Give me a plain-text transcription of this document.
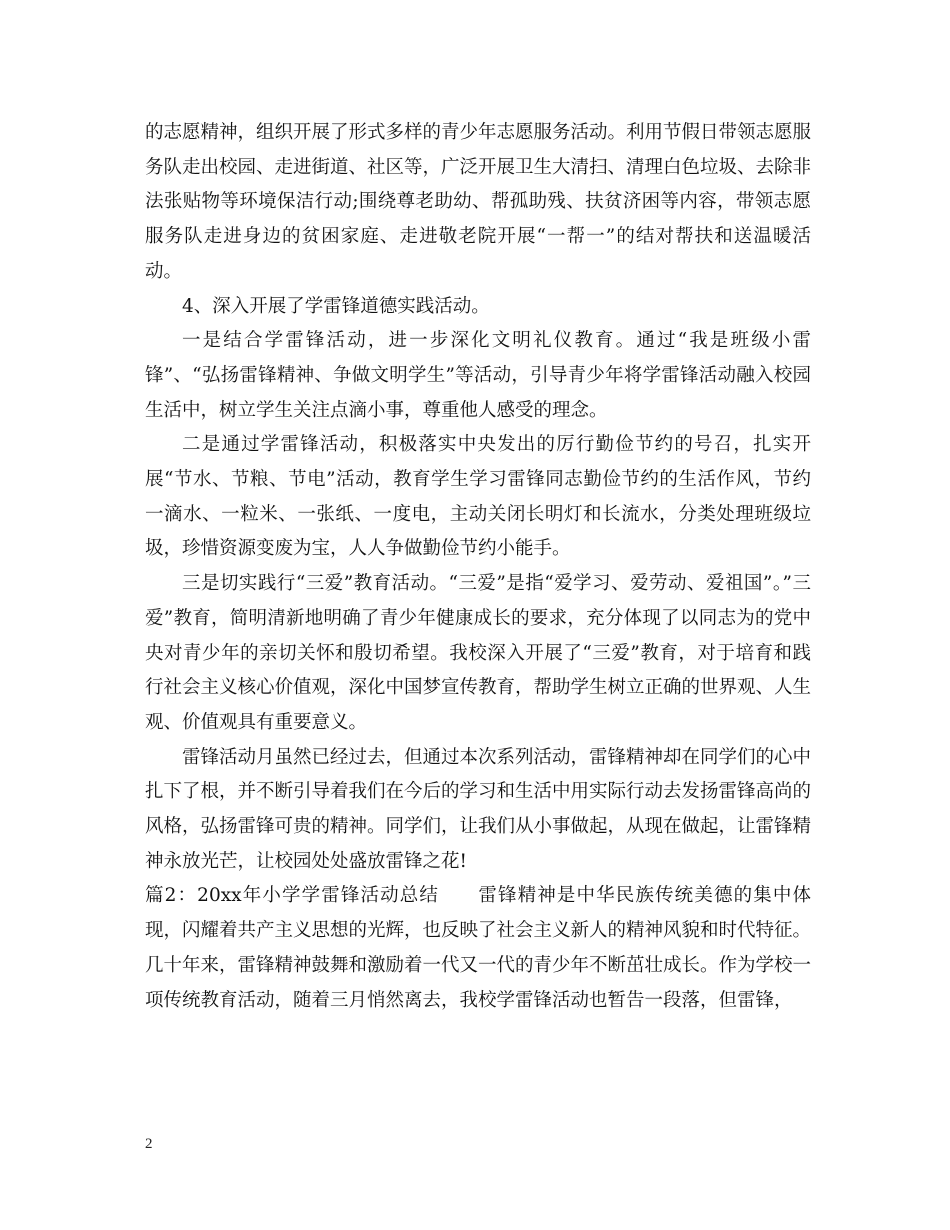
的志愿精神，组织开展了形式多样的青少年志愿服务活动。利用节假日带领志愿服务队走出校园、走进街道、社区等，广泛开展卫生大清扫、清理白色垃圾、去除非法张贴物等环境保洁行动;围绕尊老助幼、帮孤助残、扶贫济困等内容，带领志愿服务队走进身边的贫困家庭、走进敬老院开展“一帮一”的结对帮扶和送温暖活动。

4、深入开展了学雷锋道德实践活动。

一是结合学雷锋活动，进一步深化文明礼仪教育。通过“我是班级小雷锋”、“弘扬雷锋精神、争做文明学生”等活动，引导青少年将学雷锋活动融入校园生活中，树立学生关注点滴小事，尊重他人感受的理念。

二是通过学雷锋活动，积极落实中央发出的厉行勤俭节约的号召，扎实开展“节水、节粮、节电”活动，教育学生学习雷锋同志勤俭节约的生活作风，节约一滴水、一粒米、一张纸、一度电，主动关闭长明灯和长流水，分类处理班级垃圾，珍惜资源变废为宝，人人争做勤俭节约小能手。

三是切实践行“三爱”教育活动。“三爱”是指“爱学习、爱劳动、爱祖国”。”三爱”教育，简明清新地明确了青少年健康成长的要求，充分体现了以同志为的党中央对青少年的亲切关怀和殷切希望。我校深入开展了“三爱”教育，对于培育和践行社会主义核心价值观，深化中国梦宣传教育，帮助学生树立正确的世界观、人生观、价值观具有重要意义。

雷锋活动月虽然已经过去，但通过本次系列活动，雷锋精神却在同学们的心中扎下了根，并不断引导着我们在今后的学习和生活中用实际行动去发扬雷锋高尚的风格，弘扬雷锋可贵的精神。同学们，让我们从小事做起，从现在做起，让雷锋精神永放光芒，让校园处处盛放雷锋之花!

篇2：20xx年小学学雷锋活动总结　　雷锋精神是中华民族传统美德的集中体现，闪耀着共产主义思想的光辉，也反映了社会主义新人的精神风貌和时代特征。几十年来，雷锋精神鼓舞和激励着一代又一代的青少年不断茁壮成长。作为学校一项传统教育活动，随着三月悄然离去，我校学雷锋活动也暂告一段落，但雷锋，

2
